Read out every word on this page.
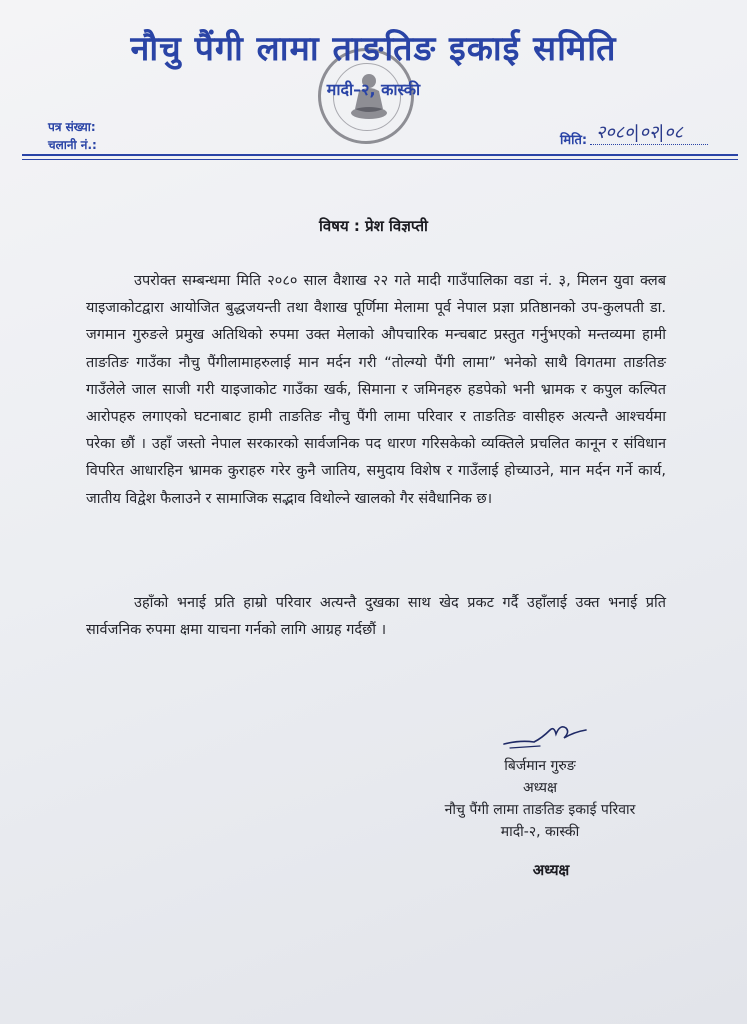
नौचु पैंगी लामा ताङतिङ इकाई समिति
मादी–२, कास्की
पत्र संख्या:
चलानी नं.:	मिति: २०८०|०२|०८
विषय : प्रेश विज्ञप्ती
उपरोक्त सम्बन्धमा मिति २०८० साल वैशाख २२ गते मादी गाउँपालिका वडा नं. ३, मिलन युवा क्लब याइजाकोटद्वारा आयोजित बुद्धजयन्ती तथा वैशाख पूर्णिमा मेलामा पूर्व नेपाल प्रज्ञा प्रतिष्ठानको उप-कुलपती डा. जगमान गुरुङले प्रमुख अतिथिको रुपमा उक्त मेलाको औपचारिक मन्चबाट प्रस्तुत गर्नुभएको मन्तव्यमा हामी ताङतिङ गाउँका नौचु पैंगीलामाहरुलाई मान मर्दन गरी “तोल्ग्यो पैंगी लामा” भनेको साथै विगतमा ताङतिङ गाउँलेले जाल साजी गरी याइजाकोट गाउँका खर्क, सिमाना र जमिनहरु हडपेको भनी भ्रामक र कपुल कल्पित आरोपहरु लगाएको घटनाबाट हामी ताङतिङ नौचु पैंगी लामा परिवार र ताङतिङ वासीहरु अत्यन्तै आश्चर्यमा परेका छौं । उहाँ जस्तो नेपाल सरकारको सार्वजनिक पद धारण गरिसकेको व्यक्तिले प्रचलित कानून र संविधान विपरित आधारहिन भ्रामक कुराहरु गरेर कुनै जातिय, समुदाय विशेष र गाउँलाई होच्याउने, मान मर्दन गर्ने कार्य, जातीय विद्वेश फैलाउने र सामाजिक सद्भाव विथोल्ने खालको गैर संवैधानिक छ।
उहाँको भनाई प्रति हाम्रो परिवार अत्यन्तै दुखका साथ खेद प्रकट गर्दै उहाँलाई उक्त भनाई प्रति सार्वजनिक रुपमा क्षमा याचना गर्नको लागि आग्रह गर्दछौं ।
बिर्जमान गुरुङ
अध्यक्ष
नौचु पैंगी लामा ताङतिङ इकाई परिवार
मादी-२, कास्की
अध्यक्ष
